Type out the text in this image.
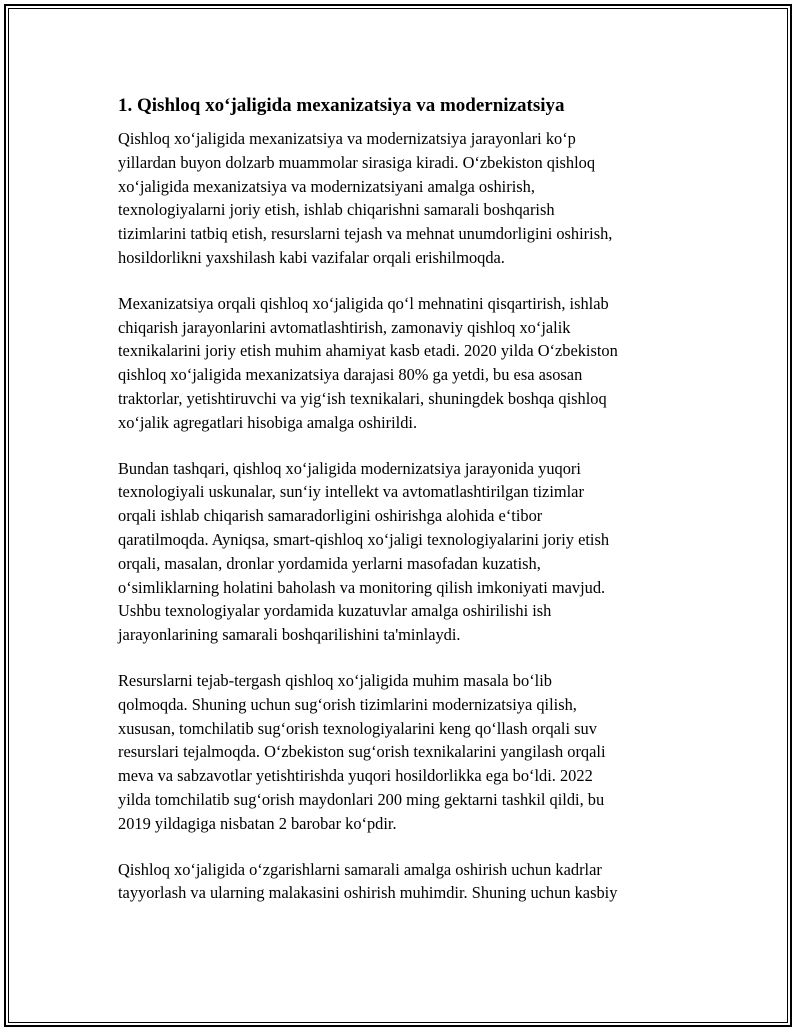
1. Qishloq xo‘jaligida mexanizatsiya va modernizatsiya
Qishloq xo‘jaligida mexanizatsiya va modernizatsiya jarayonlari ko‘p
yillardan buyon dolzarb muammolar sirasiga kiradi. O‘zbekiston qishloq
xo‘jaligida mexanizatsiya va modernizatsiyani amalga oshirish,
texnologiyalarni joriy etish, ishlab chiqarishni samarali boshqarish
tizimlarini tatbiq etish, resurslarni tejash va mehnat unumdorligini oshirish,
hosildorlikni yaxshilash kabi vazifalar orqali erishilmoqda.
Mexanizatsiya orqali qishloq xo‘jaligida qo‘l mehnatini qisqartirish, ishlab
chiqarish jarayonlarini avtomatlashtirish, zamonaviy qishloq xo‘jalik
texnikalarini joriy etish muhim ahamiyat kasb etadi. 2020 yilda O‘zbekiston
qishloq xo‘jaligida mexanizatsiya darajasi 80% ga yetdi, bu esa asosan
traktorlar, yetishtiruvchi va yig‘ish texnikalari, shuningdek boshqa qishloq
xo‘jalik agregatlari hisobiga amalga oshirildi.
Bundan tashqari, qishloq xo‘jaligida modernizatsiya jarayonida yuqori
texnologiyali uskunalar, sun‘iy intellekt va avtomatlashtirilgan tizimlar
orqali ishlab chiqarish samaradorligini oshirishga alohida e‘tibor
qaratilmoqda. Ayniqsa, smart-qishloq xo‘jaligi texnologiyalarini joriy etish
orqali, masalan, dronlar yordamida yerlarni masofadan kuzatish,
o‘simliklarning holatini baholash va monitoring qilish imkoniyati mavjud.
Ushbu texnologiyalar yordamida kuzatuvlar amalga oshirilishi ish
jarayonlarining samarali boshqarilishini ta'minlaydi.
Resurslarni tejab-tergash qishloq xo‘jaligida muhim masala bo‘lib
qolmoqda. Shuning uchun sug‘orish tizimlarini modernizatsiya qilish,
xususan, tomchilatib sug‘orish texnologiyalarini keng qo‘llash orqali suv
resurslari tejalmoqda. O‘zbekiston sug‘orish texnikalarini yangilash orqali
meva va sabzavotlar yetishtirishda yuqori hosildorlikka ega bo‘ldi. 2022
yilda tomchilatib sug‘orish maydonlari 200 ming gektarni tashkil qildi, bu
2019 yildagiga nisbatan 2 barobar ko‘pdir.
Qishloq xo‘jaligida o‘zgarishlarni samarali amalga oshirish uchun kadrlar
tayyorlash va ularning malakasini oshirish muhimdir. Shuning uchun kasbiy
